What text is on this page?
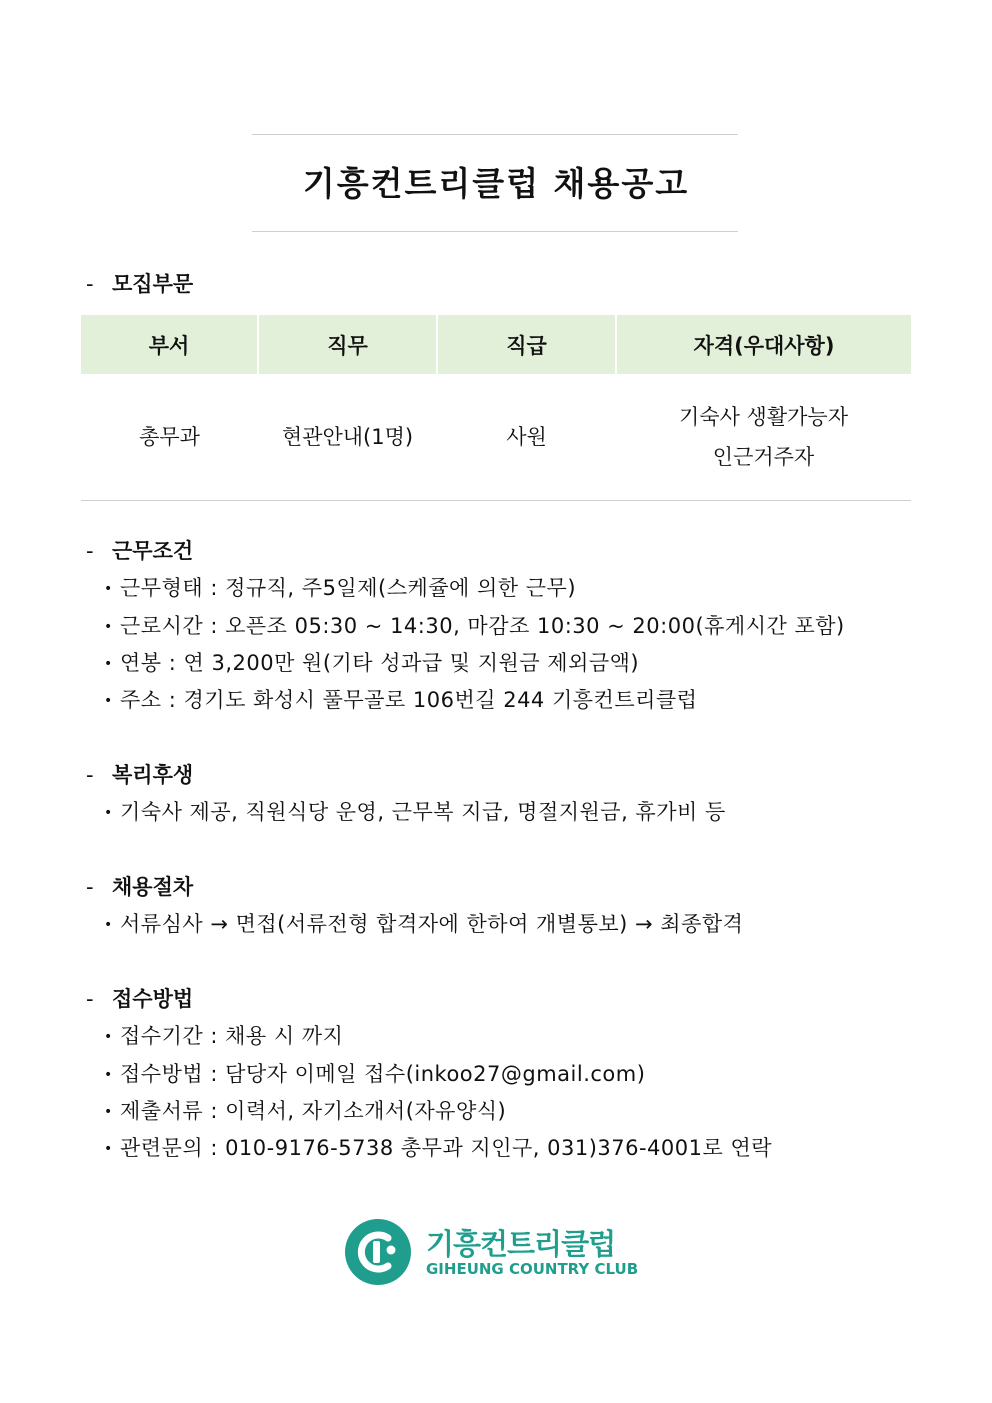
기흥컨트리클럽 채용공고
- 모집부문
부서	직무	직급	자격(우대사항)
총무과	현관안내(1명)	사원	기숙사 생활가능자
인근거주자
- 근무조건
• 근무형태 : 정규직, 주5일제(스케쥴에 의한 근무)
• 근로시간 : 오픈조 05:30 ~ 14:30, 마감조 10:30 ~ 20:00(휴게시간 포함)
• 연봉 : 연 3,200만 원(기타 성과급 및 지원금 제외금액)
• 주소 : 경기도 화성시 풀무골로 106번길 244 기흥컨트리클럽
- 복리후생
• 기숙사 제공, 직원식당 운영, 근무복 지급, 명절지원금, 휴가비 등
- 채용절차
• 서류심사 → 면접(서류전형 합격자에 한하여 개별통보) → 최종합격
- 접수방법
• 접수기간 : 채용 시 까지
• 접수방법 : 담당자 이메일 접수(inkoo27@gmail.com)
• 제출서류 : 이력서, 자기소개서(자유양식)
• 관련문의 : 010-9176-5738 총무과 지인구, 031)376-4001로 연락
기흥컨트리클럽
GIHEUNG COUNTRY CLUB
